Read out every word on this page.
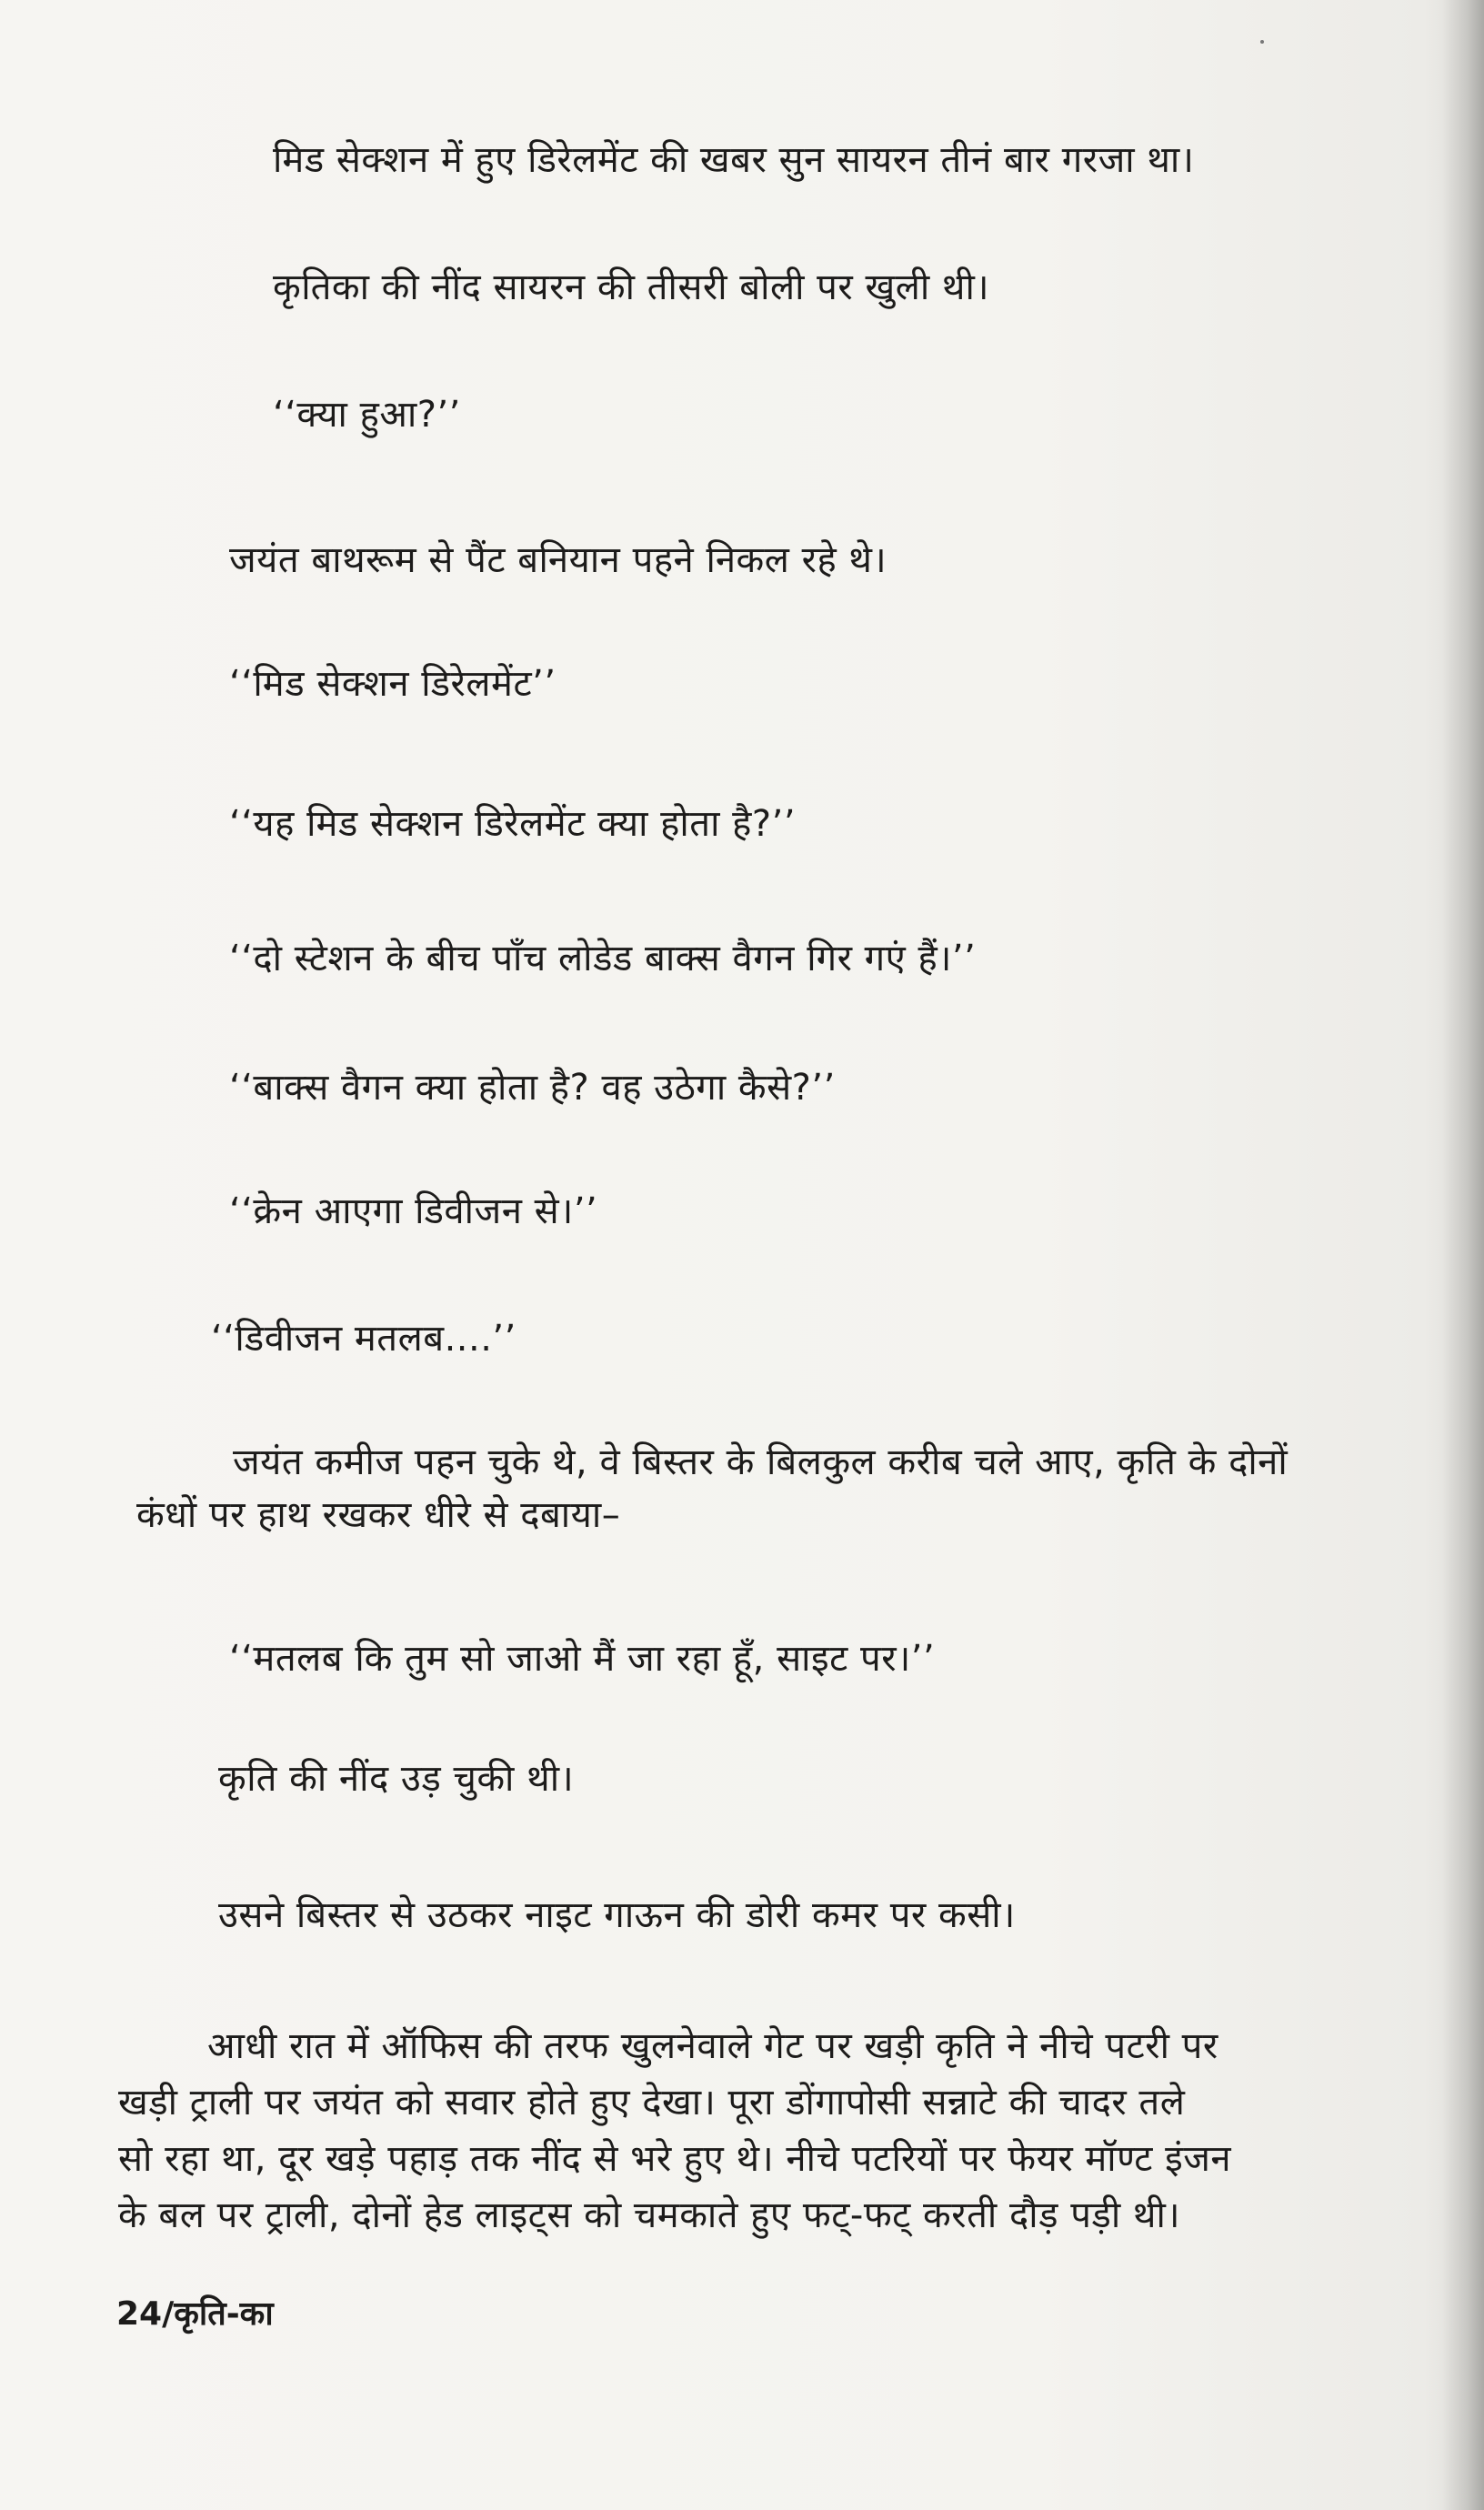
मिड सेक्शन में हुए डिरेलमेंट की खबर सुन सायरन तीनं बार गरजा था।
कृतिका की नींद सायरन की तीसरी बोली पर खुली थी।
‘‘क्या हुआ?’’
जयंत बाथरूम से पैंट बनियान पहने निकल रहे थे।
‘‘मिड सेक्शन डिरेलमेंट’’
‘‘यह मिड सेक्शन डिरेलमेंट क्या होता है?’’
‘‘दो स्टेशन के बीच पाँच लोडेड बाक्स वैगन गिर गएं हैं।’’
‘‘बाक्स वैगन क्या होता है? वह उठेगा कैसे?’’
‘‘क्रेन आएगा डिवीजन से।’’
‘‘डिवीजन मतलब....’’
जयंत कमीज पहन चुके थे, वे बिस्तर के बिलकुल करीब चले आए, कृति के दोनों
कंधों पर हाथ रखकर धीरे से दबाया–
‘‘मतलब कि तुम सो जाओ मैं जा रहा हूँ, साइट पर।’’
कृति की नींद उड़ चुकी थी।
उसने बिस्तर से उठकर नाइट गाऊन की डोरी कमर पर कसी।
आधी रात में ऑफिस की तरफ खुलनेवाले गेट पर खड़ी कृति ने नीचे पटरी पर
खड़ी ट्राली पर जयंत को सवार होते हुए देखा। पूरा डोंगापोसी सन्नाटे की चादर तले
सो रहा था, दूर खड़े पहाड़ तक नींद से भरे हुए थे। नीचे पटरियों पर फेयर मॉण्ट इंजन
के बल पर ट्राली, दोनों हेड लाइट्स को चमकाते हुए फट्-फट् करती दौड़ पड़ी थी।
24/कृति-का
